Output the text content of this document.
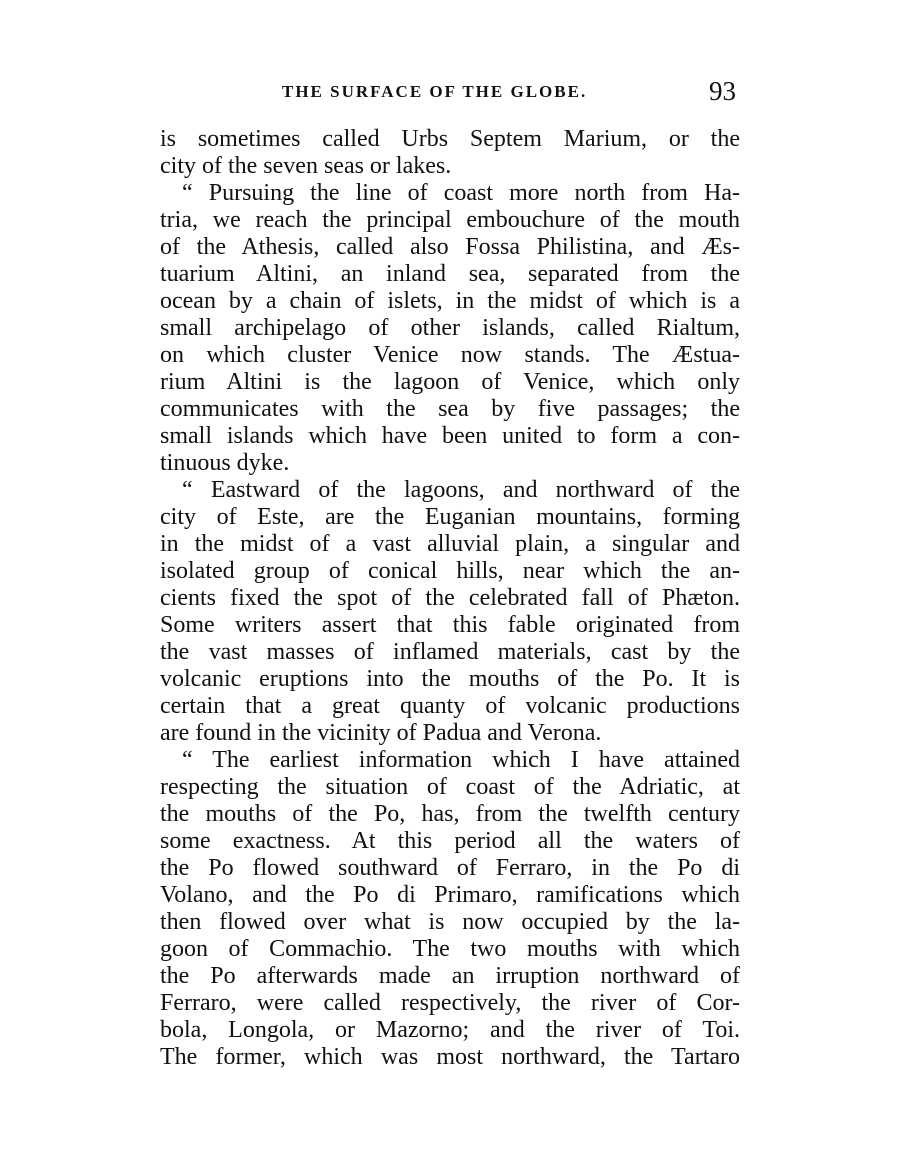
THE SURFACE OF THE GLOBE.	93
is sometimes called Urbs Septem Marium, or the
city of the seven seas or lakes.
“ Pursuing the line of coast more north from Ha-
tria, we reach the principal embouchure of the mouth
of the Athesis, called also Fossa Philistina, and Æs-
tuarium Altini, an inland sea, separated from the
ocean by a chain of islets, in the midst of which is a
small archipelago of other islands, called Rialtum,
on which cluster Venice now stands. The Æstua-
rium Altini is the lagoon of Venice, which only
communicates with the sea by five passages; the
small islands which have been united to form a con-
tinuous dyke.
“ Eastward of the lagoons, and northward of the
city of Este, are the Euganian mountains, forming
in the midst of a vast alluvial plain, a singular and
isolated group of conical hills, near which the an-
cients fixed the spot of the celebrated fall of Phæton.
Some writers assert that this fable originated from
the vast masses of inflamed materials, cast by the
volcanic eruptions into the mouths of the Po. It is
certain that a great quanty of volcanic productions
are found in the vicinity of Padua and Verona.
“ The earliest information which I have attained
respecting the situation of coast of the Adriatic, at
the mouths of the Po, has, from the twelfth century
some exactness. At this period all the waters of
the Po flowed southward of Ferraro, in the Po di
Volano, and the Po di Primaro, ramifications which
then flowed over what is now occupied by the la-
goon of Commachio. The two mouths with which
the Po afterwards made an irruption northward of
Ferraro, were called respectively, the river of Cor-
bola, Longola, or Mazorno; and the river of Toi.
The former, which was most northward, the Tartaro
